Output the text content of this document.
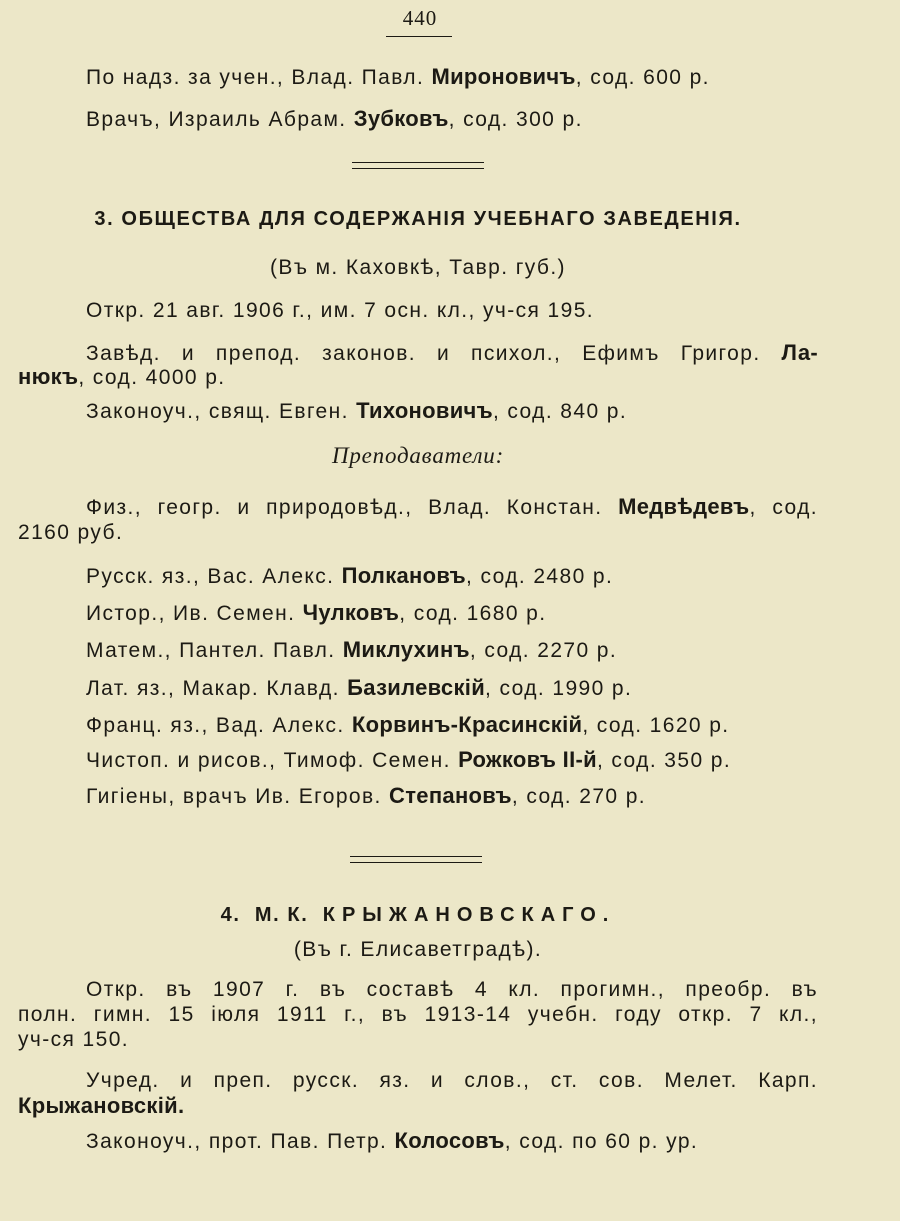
440
По надз. за учен., Влад. Павл. Мироновичъ, сод. 600 р.
Врачъ, Израиль Абрам. Зубковъ, сод. 300 р.
3. ОБЩЕСТВА ДЛЯ СОДЕРЖАНІЯ УЧЕБНАГО ЗАВЕДЕНІЯ.
(Въ м. Каховкѣ, Тавр. губ.)
Откр. 21 авг. 1906 г., им. 7 осн. кл., уч-ся 195.
Завѣд. и препод. законов. и психол., Ефимъ Григор. Ла-
нюкъ, сод. 4000 р.
Законоуч., свящ. Евген. Тихоновичъ, сод. 840 р.
Преподаватели:
Физ., геогр. и природовѣд., Влад. Констан. Медвѣдевъ, сод.
2160 руб.
Русск. яз., Вас. Алекс. Полкановъ, сод. 2480 р.
Истор., Ив. Семен. Чулковъ, сод. 1680 р.
Матем., Пантел. Павл. Миклухинъ, сод. 2270 р.
Лат. яз., Макар. Клавд. Базилевскій, сод. 1990 р.
Франц. яз., Вад. Алекс. Корвинъ-Красинскій, сод. 1620 р.
Чистоп. и рисов., Тимоф. Семен. Рожковъ II-й, сод. 350 р.
Гигіены, врачъ Ив. Егоров. Степановъ, сод. 270 р.
4. М. К. КРЫЖАНОВСКАГО.
(Въ г. Елисаветградѣ).
Откр. въ 1907 г. въ составѣ 4 кл. прогимн., преобр. въ
полн. гимн. 15 іюля 1911 г., въ 1913-14 учебн. году откр. 7 кл.,
уч-ся 150.
Учред. и преп. русск. яз. и слов., ст. сов. Мелет. Карп.
Крыжановскій.
Законоуч., прот. Пав. Петр. Колосовъ, сод. по 60 р. ур.
